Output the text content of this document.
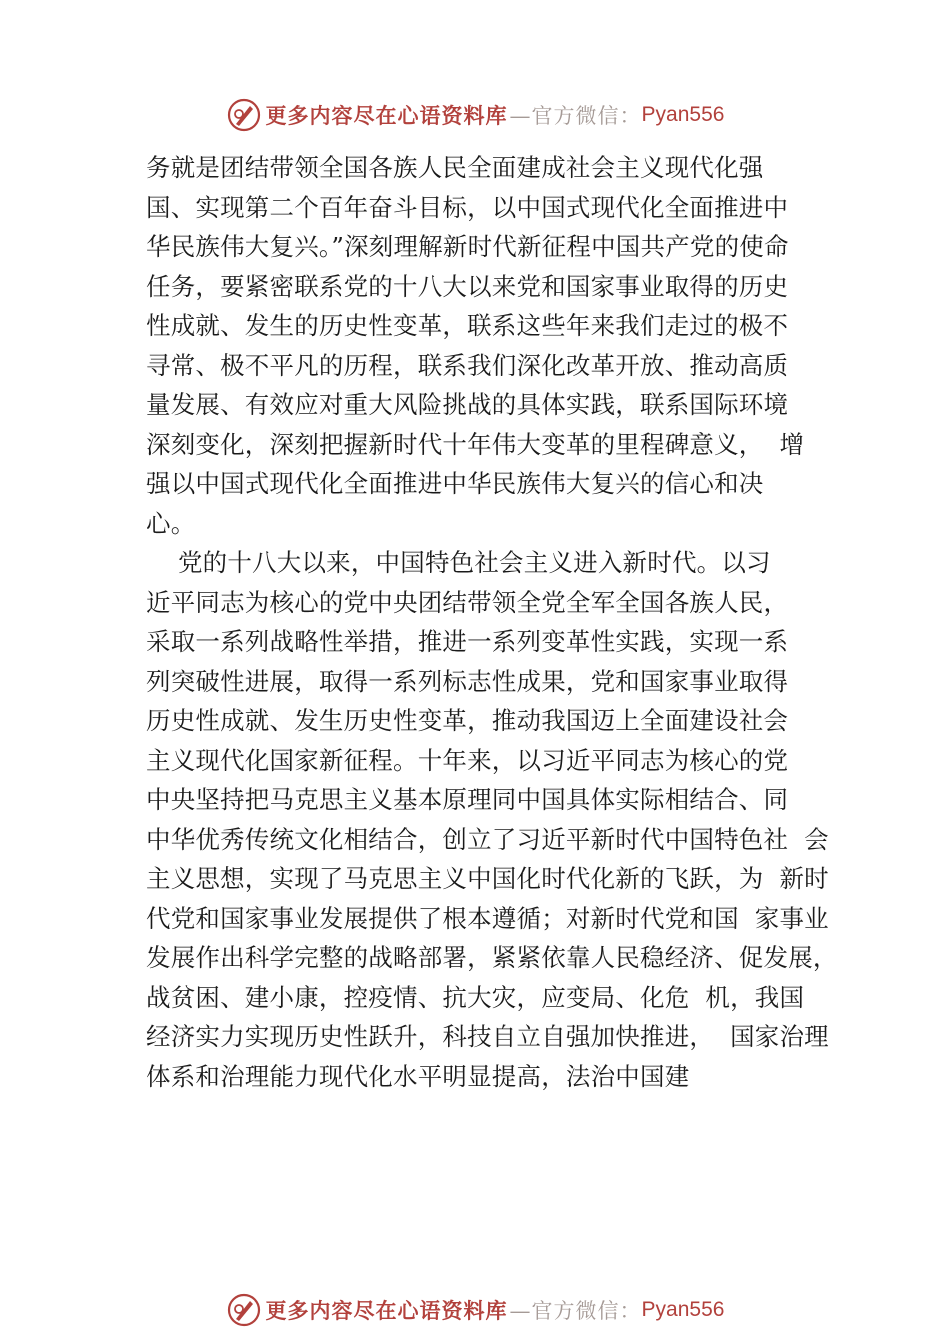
更多内容尽在心语资料库 —官方微信： Pyan556
务就是团结带领全国各族人民全面建成社会主义现代化强
国、实现第二个百年奋斗目标，以中国式现代化全面推进中
华民族伟大复兴。”深刻理解新时代新征程中国共产党的使命
任务，要紧密联系党的十八大以来党和国家事业取得的历史
性成就、发生的历史性变革，联系这些年来我们走过的极不
寻常、极不平凡的历程，联系我们深化改革开放、推动高质
量发展、有效应对重大风险挑战的具体实践，联系国际环境
深刻变化，深刻把握新时代十年伟大变革的里程碑意义，  增
强以中国式现代化全面推进中华民族伟大复兴的信心和决
心。
党的十八大以来，中国特色社会主义进入新时代。以习
近平同志为核心的党中央团结带领全党全军全国各族人民，
采取一系列战略性举措，推进一系列变革性实践，实现一系
列突破性进展，取得一系列标志性成果，党和国家事业取得
历史性成就、发生历史性变革，推动我国迈上全面建设社会
主义现代化国家新征程。十年来，以习近平同志为核心的党
中央坚持把马克思主义基本原理同中国具体实际相结合、同
中华优秀传统文化相结合，创立了习近平新时代中国特色社  会
主义思想，实现了马克思主义中国化时代化新的飞跃，为  新时
代党和国家事业发展提供了根本遵循；对新时代党和国  家事业
发展作出科学完整的战略部署，紧紧依靠人民稳经济、促发展，
战贫困、建小康，控疫情、抗大灾，应变局、化危  机，我国
经济实力实现历史性跃升，科技自立自强加快推进，  国家治理
体系和治理能力现代化水平明显提高，法治中国建
更多内容尽在心语资料库 —官方微信： Pyan556
